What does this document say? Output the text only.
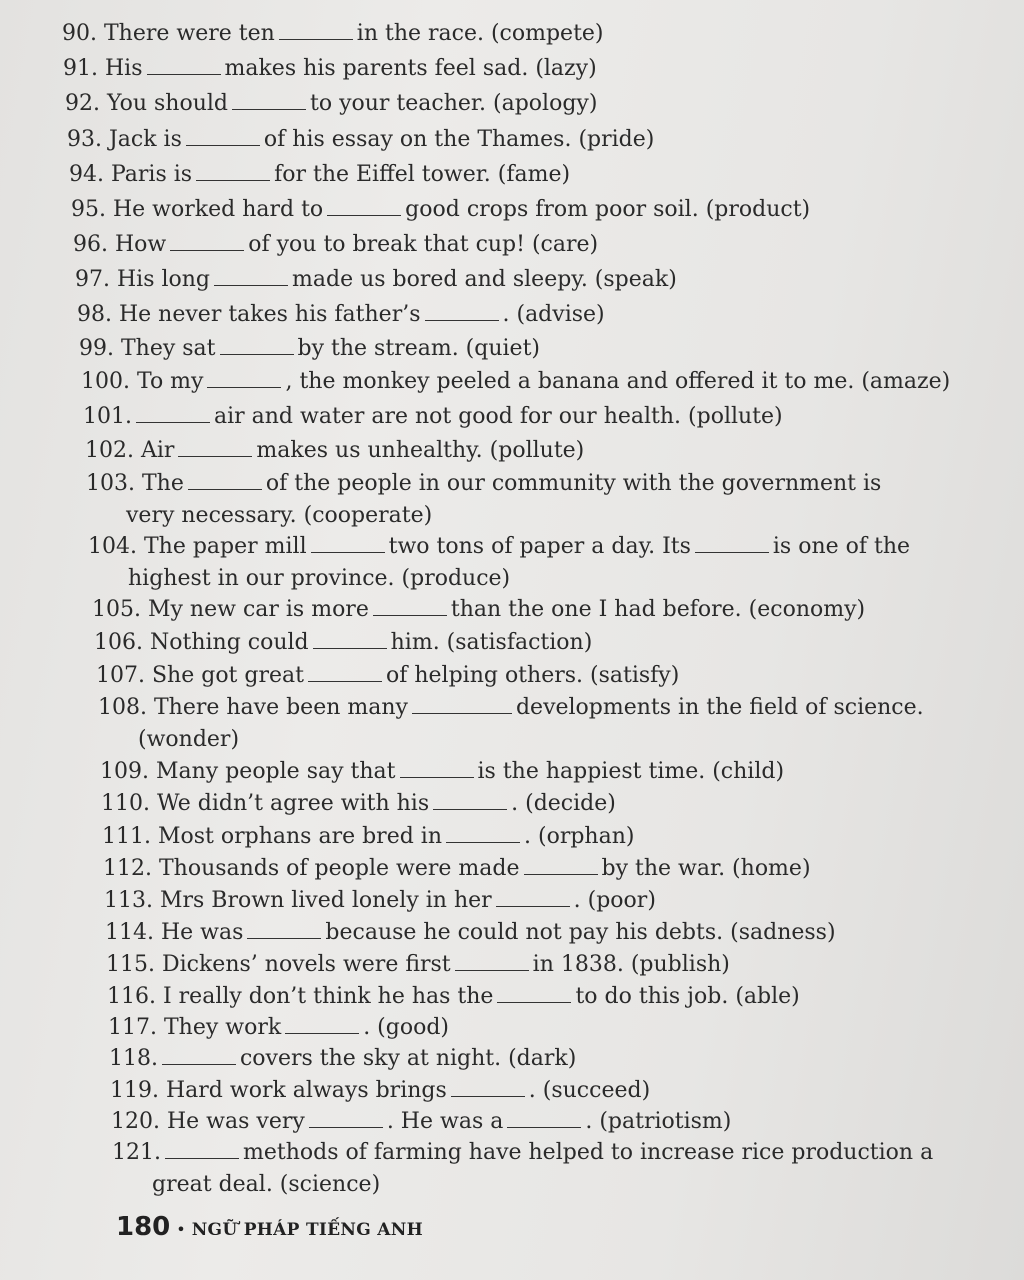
90. There were ten	in the race. (compete)
91. His	makes his parents feel sad. (lazy)
92. You should	to your teacher. (apology)
93. Jack is	of his essay on the Thames. (pride)
94. Paris is	for the Eiffel tower. (fame)
95. He worked hard to	good crops from poor soil. (product)
96. How	of you to break that cup! (care)
97. His long	made us bored and sleepy. (speak)
98. He never takes his father’s	. (advise)
99. They sat	by the stream. (quiet)
100. To my	, the monkey peeled a banana and offered it to me. (amaze)
101.	air and water are not good for our health. (pollute)
102. Air	makes us unhealthy. (pollute)
103. The	of the people in our community with the government is
very necessary. (cooperate)
104. The paper mill	two tons of paper a day. Its	is one of the
highest in our province. (produce)
105. My new car is more	than the one I had before. (economy)
106. Nothing could	him. (satisfaction)
107. She got great	of helping others. (satisfy)
108. There have been many	developments in the field of science.
(wonder)
109. Many people say that	is the happiest time. (child)
110. We didn’t agree with his	. (decide)
111. Most orphans are bred in	. (orphan)
112. Thousands of people were made	by the war. (home)
113. Mrs Brown lived lonely in her	. (poor)
114. He was	because he could not pay his debts. (sadness)
115. Dickens’ novels were first	in 1838. (publish)
116. I really don’t think he has the	to do this job. (able)
117. They work	. (good)
118.	covers the sky at night. (dark)
119. Hard work always brings	. (succeed)
120. He was very	. He was a	. (patriotism)
121.	methods of farming have helped to increase rice production a
great deal. (science)
180 • NGỮ PHÁP TIẾNG ANH
